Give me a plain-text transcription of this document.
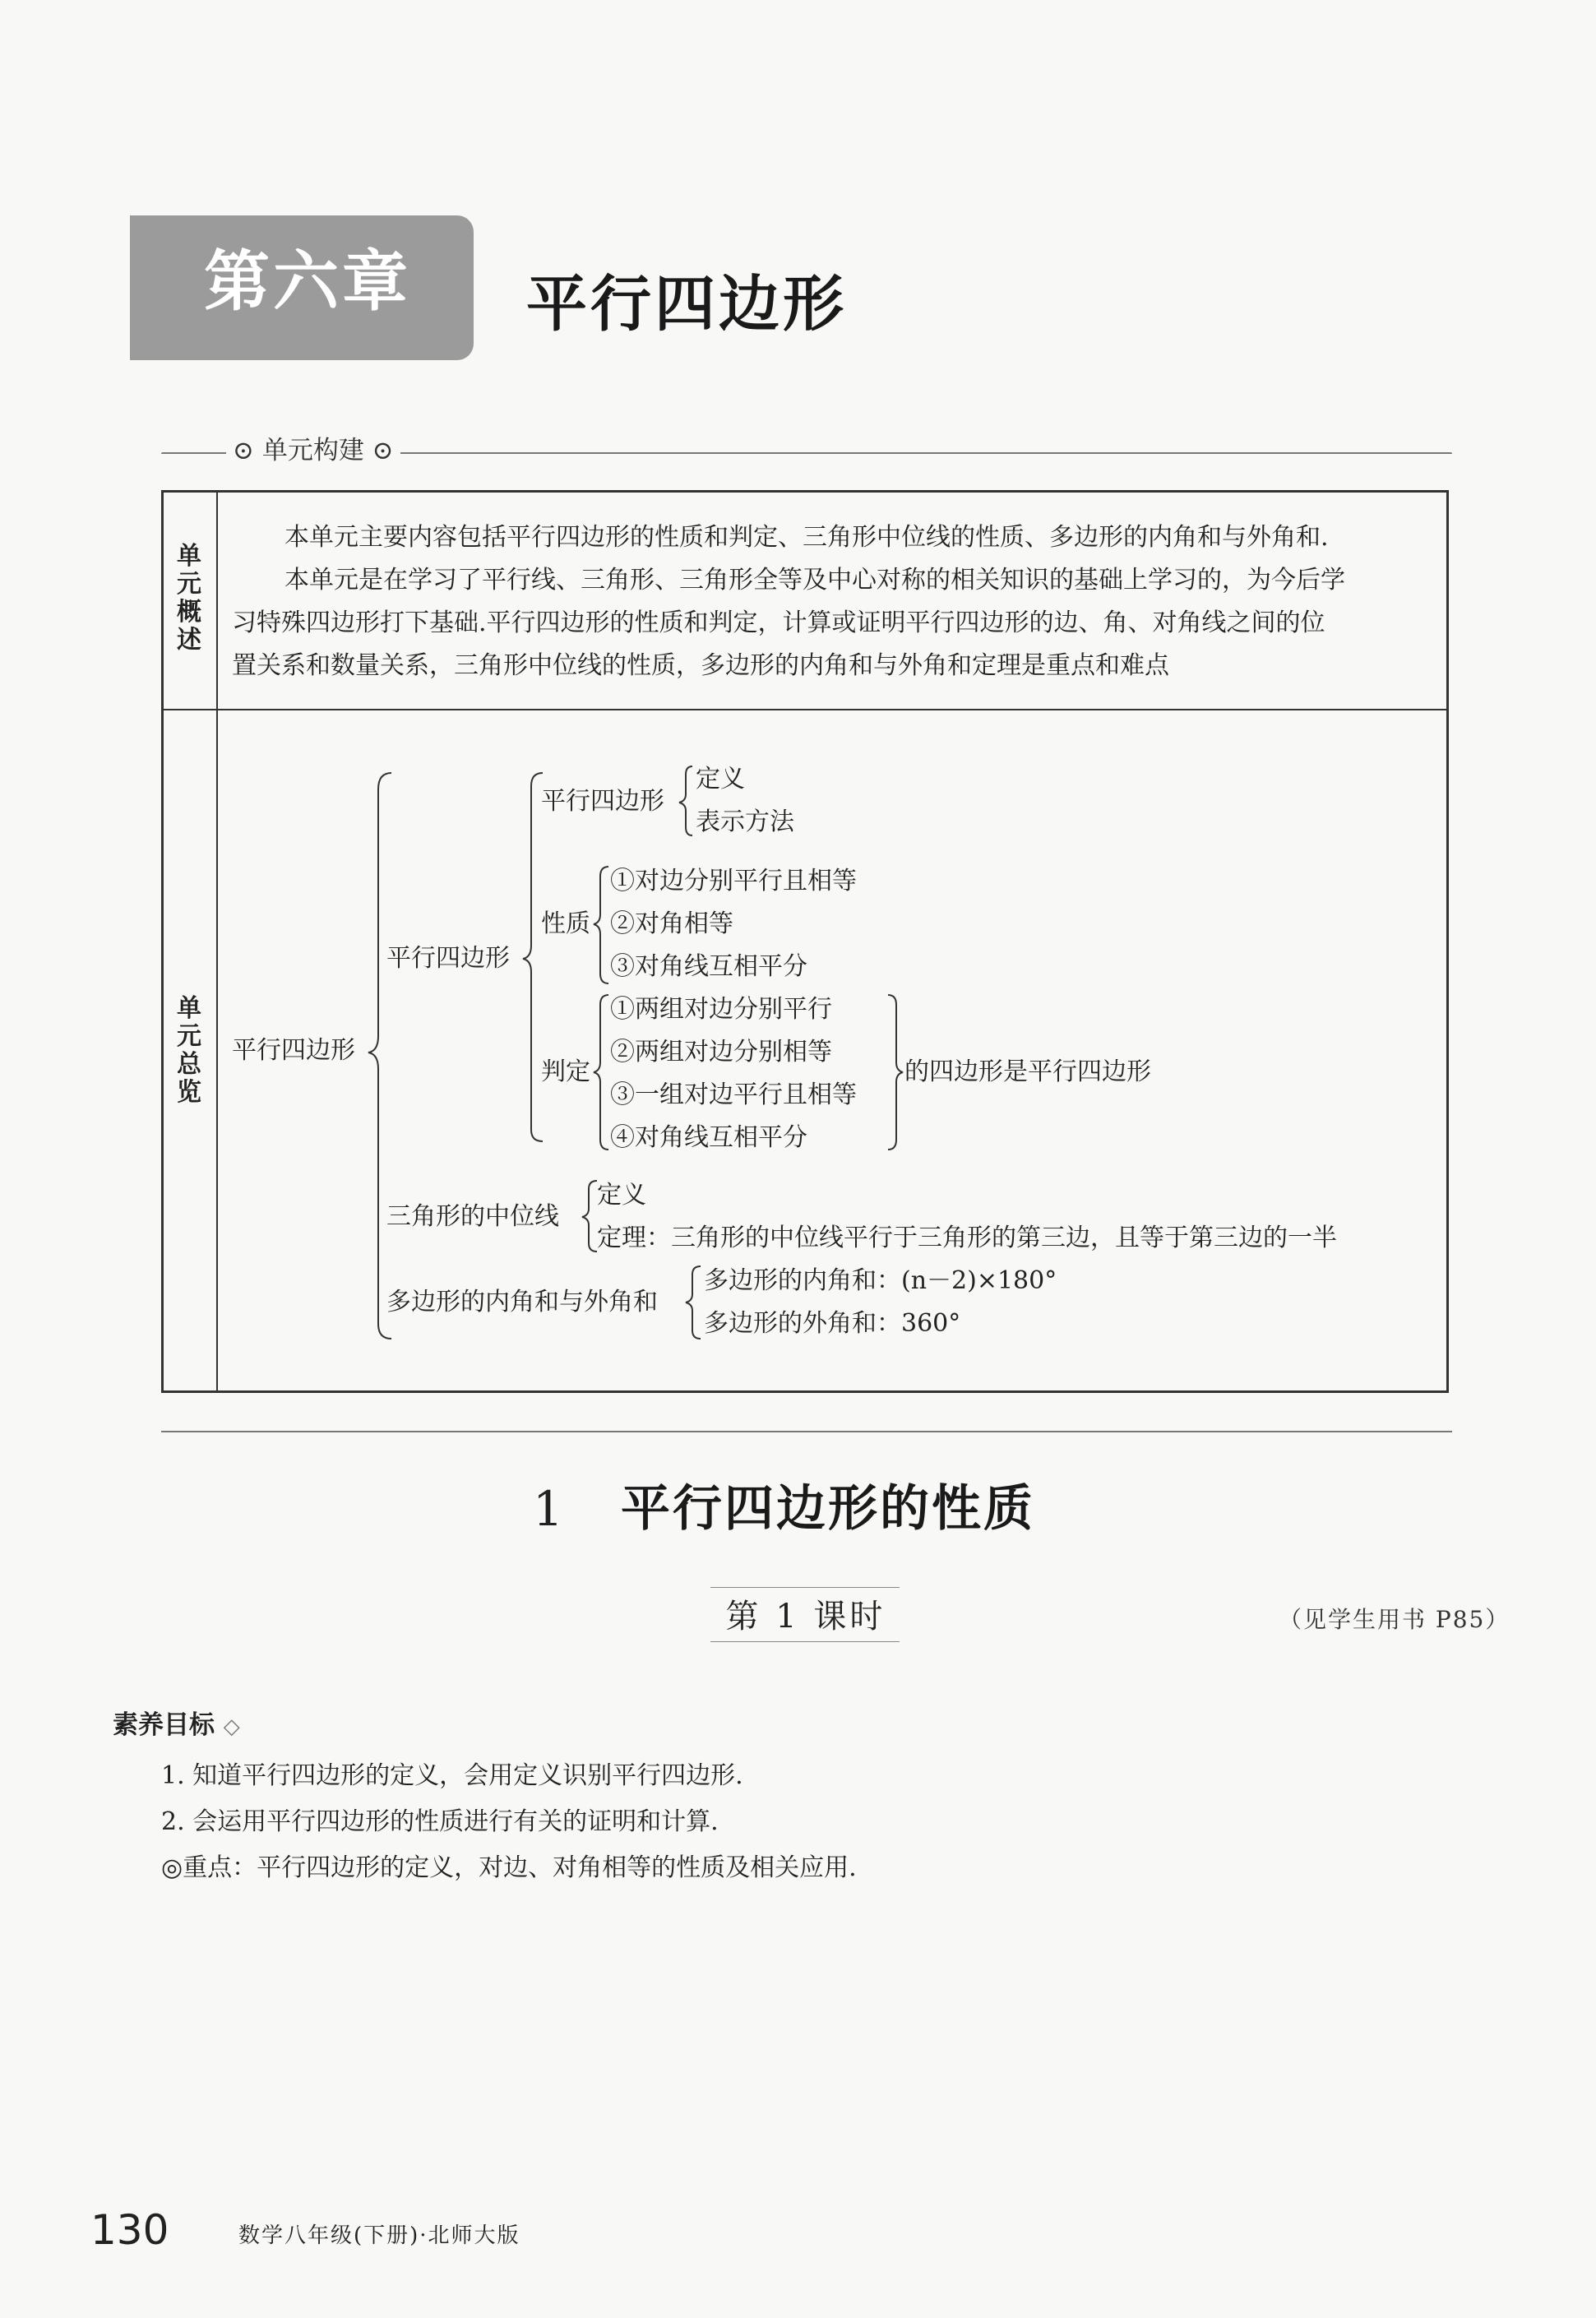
第六章 平行四边形
⊙ 单元构建 ⊙
单元概述

本单元主要内容包括平行四边形的性质和判定、三角形中位线的性质、多边形的内角和与外角和.

本单元是在学习了平行线、三角形、三角形全等及中心对称的相关知识的基础上学习的，为今后学

习特殊四边形打下基础.平行四边形的性质和判定，计算或证明平行四边形的边、角、对角线之间的位

置关系和数量关系，三角形中位线的性质，多边形的内角和与外角和定理是重点和难点

单元总览
平行四边形
平行四边形
平行四边形
定义
表示方法
性质
①对边分别平行且相等
②对角相等
③对角线互相平分
判定
①两组对边分别平行
②两组对边分别相等
③一组对边平行且相等
④对角线互相平分
的四边形是平行四边形
三角形的中位线
定义
定理：三角形的中位线平行于三角形的第三边，且等于第三边的一半
多边形的内角和与外角和
多边形的内角和：(n－2)×180°
多边形的外角和：360°
1 平行四边形的性质
第 1 课时	（见学生用书 P85）
素养目标 ◇
1. 知道平行四边形的定义，会用定义识别平行四边形.
2. 会运用平行四边形的性质进行有关的证明和计算.
◎重点：平行四边形的定义，对边、对角相等的性质及相关应用.
130	数学八年级(下册)·北师大版
